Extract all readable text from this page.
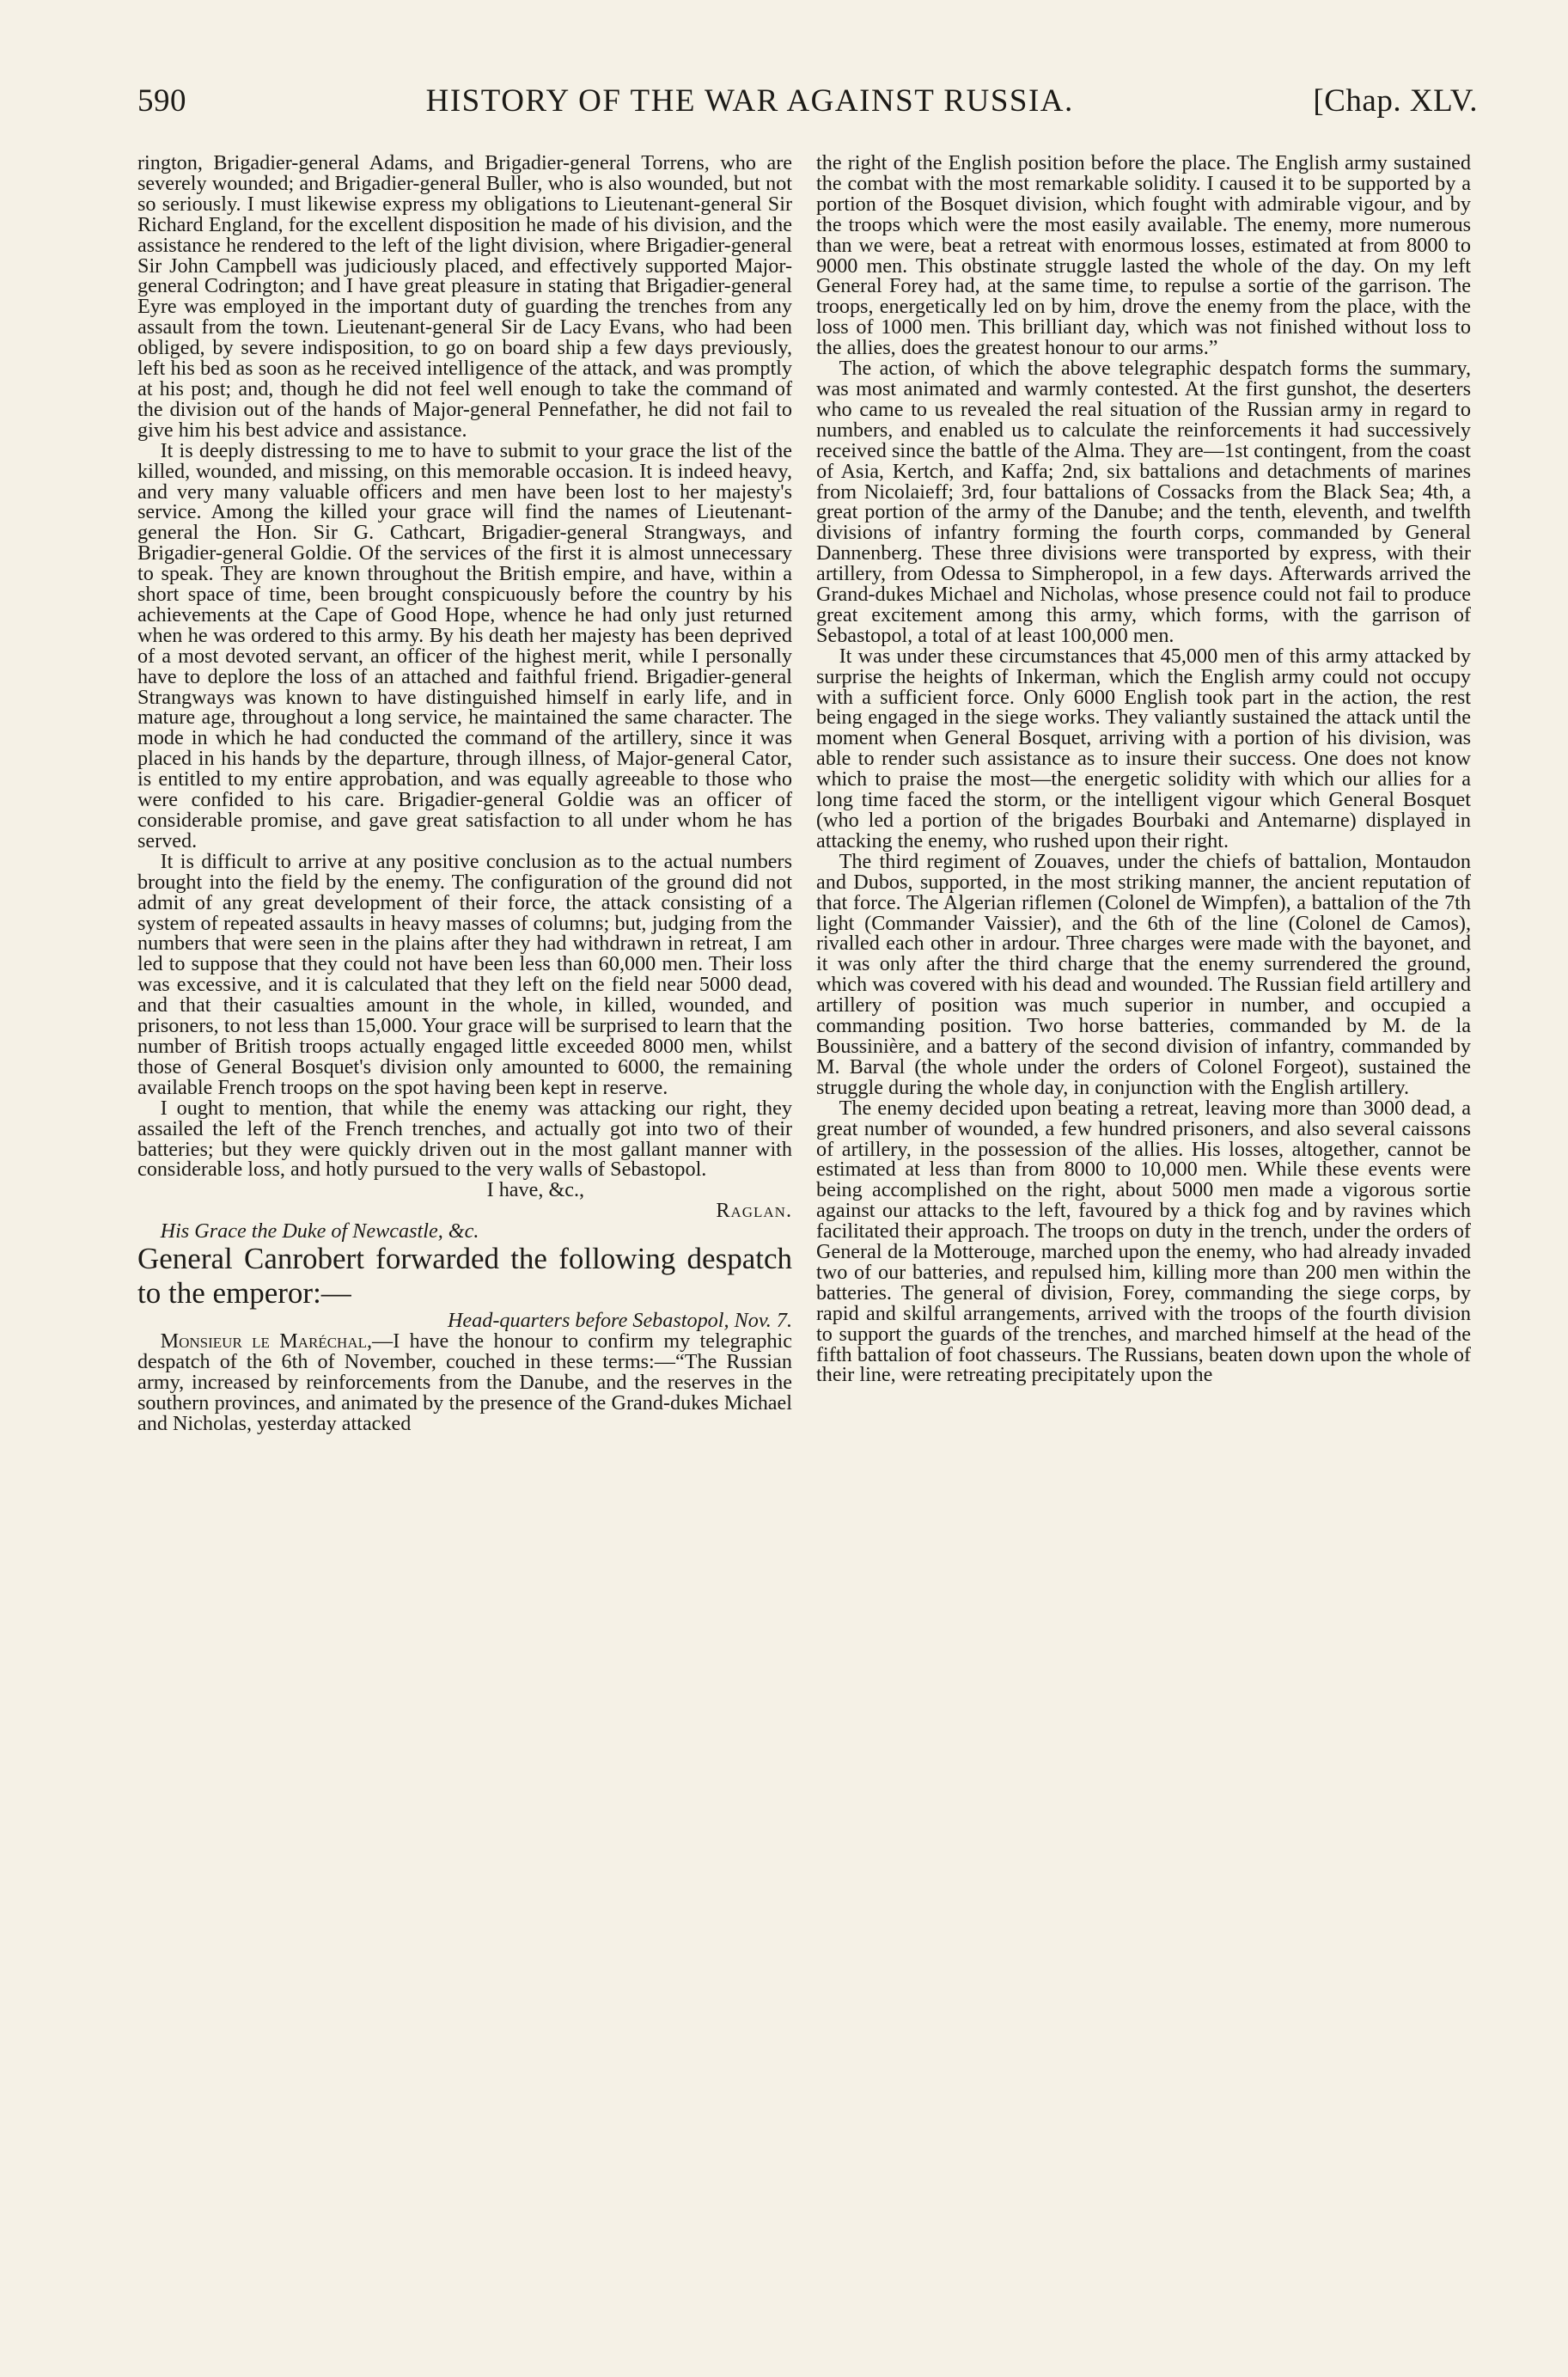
590	HISTORY OF THE WAR AGAINST RUSSIA.	[Chap. XLV.

rington, Brigadier-general Adams, and Brigadier-general Torrens, who are severely wounded; and Brigadier-general Buller, who is also wounded, but not so seriously. I must likewise express my obligations to Lieutenant-general Sir Richard England, for the excellent disposition he made of his division, and the assistance he rendered to the left of the light division, where Brigadier-general Sir John Campbell was judiciously placed, and effectively supported Major-general Codrington; and I have great pleasure in stating that Brigadier-general Eyre was employed in the important duty of guarding the trenches from any assault from the town. Lieutenant-general Sir de Lacy Evans, who had been obliged, by severe indisposition, to go on board ship a few days previously, left his bed as soon as he received intelligence of the attack, and was promptly at his post; and, though he did not feel well enough to take the command of the division out of the hands of Major-general Pennefather, he did not fail to give him his best advice and assistance.

It is deeply distressing to me to have to submit to your grace the list of the killed, wounded, and missing, on this memorable occasion. It is indeed heavy, and very many valuable officers and men have been lost to her majesty's service. Among the killed your grace will find the names of Lieutenant-general the Hon. Sir G. Cathcart, Brigadier-general Strangways, and Brigadier-general Goldie. Of the services of the first it is almost unnecessary to speak. They are known throughout the British empire, and have, within a short space of time, been brought conspicuously before the country by his achievements at the Cape of Good Hope, whence he had only just returned when he was ordered to this army. By his death her majesty has been deprived of a most devoted servant, an officer of the highest merit, while I personally have to deplore the loss of an attached and faithful friend. Brigadier-general Strangways was known to have distinguished himself in early life, and in mature age, throughout a long service, he maintained the same character. The mode in which he had conducted the command of the artillery, since it was placed in his hands by the departure, through illness, of Major-general Cator, is entitled to my entire approbation, and was equally agreeable to those who were confided to his care. Brigadier-general Goldie was an officer of considerable promise, and gave great satisfaction to all under whom he has served.

It is difficult to arrive at any positive conclusion as to the actual numbers brought into the field by the enemy. The configuration of the ground did not admit of any great development of their force, the attack consisting of a system of repeated assaults in heavy masses of columns; but, judging from the numbers that were seen in the plains after they had withdrawn in retreat, I am led to suppose that they could not have been less than 60,000 men. Their loss was excessive, and it is calculated that they left on the field near 5000 dead, and that their casualties amount in the whole, in killed, wounded, and prisoners, to not less than 15,000. Your grace will be surprised to learn that the number of British troops actually engaged little exceeded 8000 men, whilst those of General Bosquet's division only amounted to 6000, the remaining available French troops on the spot having been kept in reserve.

I ought to mention, that while the enemy was attacking our right, they assailed the left of the French trenches, and actually got into two of their batteries; but they were quickly driven out in the most gallant manner with considerable loss, and hotly pursued to the very walls of Sebastopol.

I have, &c.,

Raglan.

His Grace the Duke of Newcastle, &c.

General Canrobert forwarded the following despatch to the emperor:—

Head-quarters before Sebastopol, Nov. 7.

Monsieur le Maréchal,—I have the honour to confirm my telegraphic despatch of the 6th of November, couched in these terms:—“The Russian army, increased by reinforcements from the Danube, and the reserves in the southern provinces, and animated by the presence of the Grand-dukes Michael and Nicholas, yesterday attacked

the right of the English position before the place. The English army sustained the combat with the most remarkable solidity. I caused it to be supported by a portion of the Bosquet division, which fought with admirable vigour, and by the troops which were the most easily available. The enemy, more numerous than we were, beat a retreat with enormous losses, estimated at from 8000 to 9000 men. This obstinate struggle lasted the whole of the day. On my left General Forey had, at the same time, to repulse a sortie of the garrison. The troops, energetically led on by him, drove the enemy from the place, with the loss of 1000 men. This brilliant day, which was not finished without loss to the allies, does the greatest honour to our arms.”

The action, of which the above telegraphic despatch forms the summary, was most animated and warmly contested. At the first gunshot, the deserters who came to us revealed the real situation of the Russian army in regard to numbers, and enabled us to calculate the reinforcements it had successively received since the battle of the Alma. They are—1st contingent, from the coast of Asia, Kertch, and Kaffa; 2nd, six battalions and detachments of marines from Nicolaieff; 3rd, four battalions of Cossacks from the Black Sea; 4th, a great portion of the army of the Danube; and the tenth, eleventh, and twelfth divisions of infantry forming the fourth corps, commanded by General Dannenberg. These three divisions were transported by express, with their artillery, from Odessa to Simpheropol, in a few days. Afterwards arrived the Grand-dukes Michael and Nicholas, whose presence could not fail to produce great excitement among this army, which forms, with the garrison of Sebastopol, a total of at least 100,000 men.

It was under these circumstances that 45,000 men of this army attacked by surprise the heights of Inkerman, which the English army could not occupy with a sufficient force. Only 6000 English took part in the action, the rest being engaged in the siege works. They valiantly sustained the attack until the moment when General Bosquet, arriving with a portion of his division, was able to render such assistance as to insure their success. One does not know which to praise the most—the energetic solidity with which our allies for a long time faced the storm, or the intelligent vigour which General Bosquet (who led a portion of the brigades Bourbaki and Antemarne) displayed in attacking the enemy, who rushed upon their right.

The third regiment of Zouaves, under the chiefs of battalion, Montaudon and Dubos, supported, in the most striking manner, the ancient reputation of that force. The Algerian riflemen (Colonel de Wimpfen), a battalion of the 7th light (Commander Vaissier), and the 6th of the line (Colonel de Camos), rivalled each other in ardour. Three charges were made with the bayonet, and it was only after the third charge that the enemy surrendered the ground, which was covered with his dead and wounded. The Russian field artillery and artillery of position was much superior in number, and occupied a commanding position. Two horse batteries, commanded by M. de la Boussinière, and a battery of the second division of infantry, commanded by M. Barval (the whole under the orders of Colonel Forgeot), sustained the struggle during the whole day, in conjunction with the English artillery.

The enemy decided upon beating a retreat, leaving more than 3000 dead, a great number of wounded, a few hundred prisoners, and also several caissons of artillery, in the possession of the allies. His losses, altogether, cannot be estimated at less than from 8000 to 10,000 men. While these events were being accomplished on the right, about 5000 men made a vigorous sortie against our attacks to the left, favoured by a thick fog and by ravines which facilitated their approach. The troops on duty in the trench, under the orders of General de la Motterouge, marched upon the enemy, who had already invaded two of our batteries, and repulsed him, killing more than 200 men within the batteries. The general of division, Forey, commanding the siege corps, by rapid and skilful arrangements, arrived with the troops of the fourth division to support the guards of the trenches, and marched himself at the head of the fifth battalion of foot chasseurs. The Russians, beaten down upon the whole of their line, were retreating precipitately upon the
